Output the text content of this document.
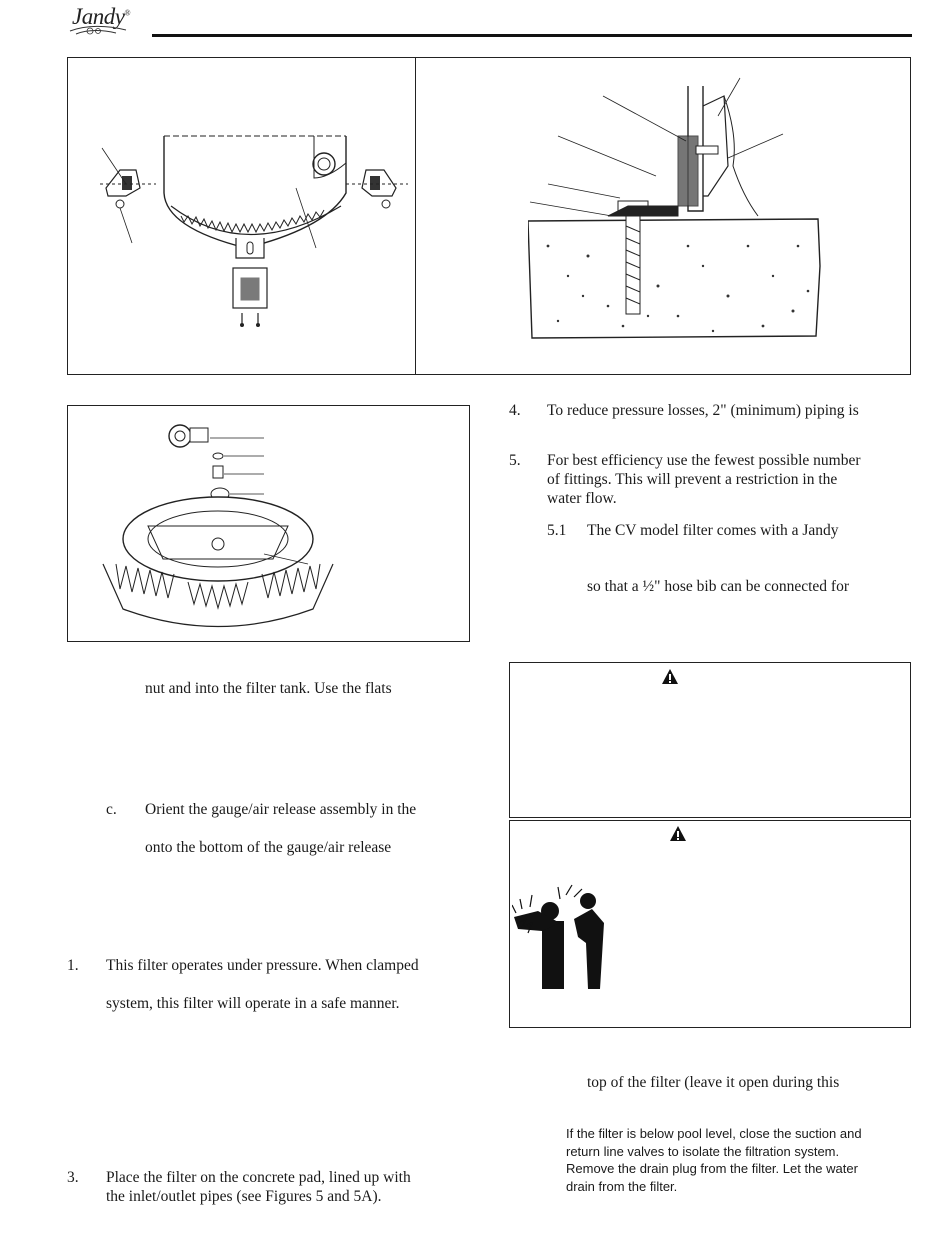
Jandy®
4. To reduce pressure losses, 2" (minimum) piping is
5. For best efficiency use the fewest possible number
of fittings. This will prevent a restriction in the
water flow.
5.1 The CV model filter comes with a Jandy
so that a ½" hose bib can be connected for
top of the filter (leave it open during this
If the filter is below pool level, close the suction and
return line valves to isolate the filtration system.
Remove the drain plug from the filter. Let the water
drain from the filter.
nut and into the filter tank. Use the flats
c. Orient the gauge/air release assembly in the
onto the bottom of the gauge/air release
1. This filter operates under pressure. When clamped
system, this filter will operate in a safe manner.
3. Place the filter on the concrete pad, lined up with
the inlet/outlet pipes (see Figures 5 and 5A).
